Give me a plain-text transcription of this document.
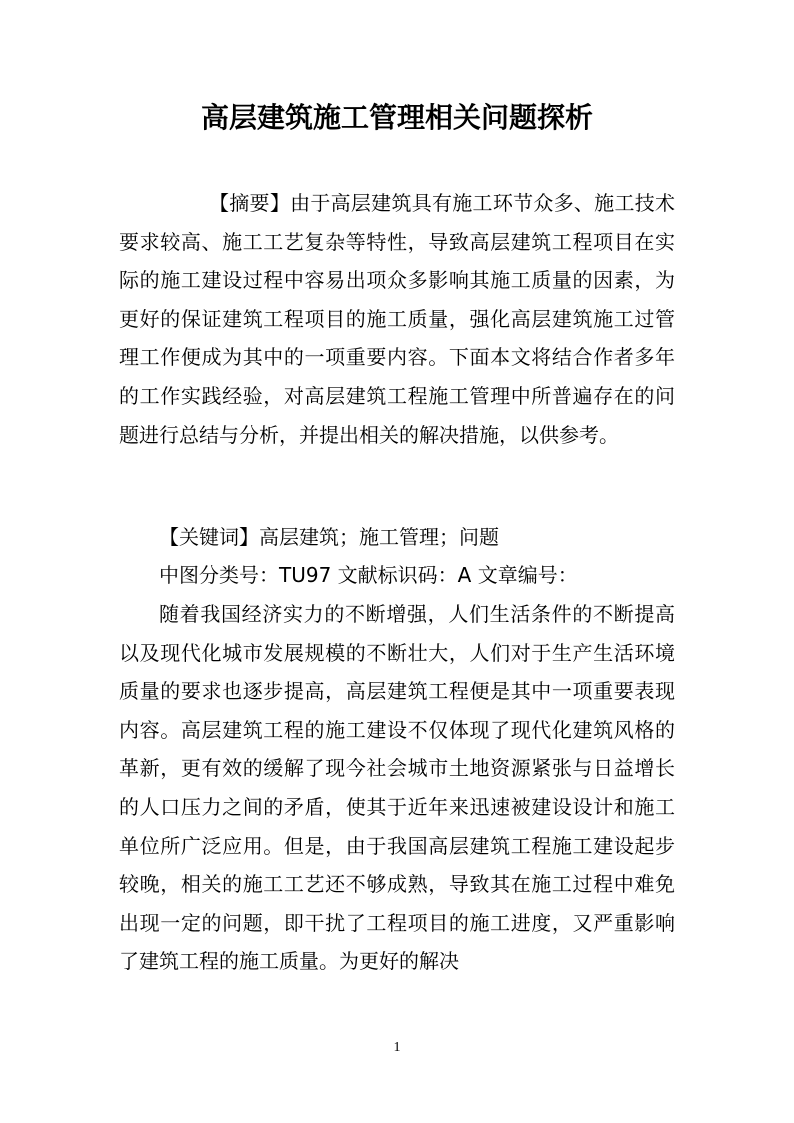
高层建筑施工管理相关问题探析

【摘要】由于高层建筑具有施工环节众多、施工技术要求较高、施工工艺复杂等特性，导致高层建筑工程项目在实际的施工建设过程中容易出项众多影响其施工质量的因素，为更好的保证建筑工程项目的施工质量，强化高层建筑施工过管理工作便成为其中的一项重要内容。下面本文将结合作者多年的工作实践经验，对高层建筑工程施工管理中所普遍存在的问题进行总结与分析，并提出相关的解决措施，以供参考。

【关键词】高层建筑；施工管理；问题
中图分类号：TU97 文献标识码：A 文章编号：

随着我国经济实力的不断增强，人们生活条件的不断提高以及现代化城市发展规模的不断壮大，人们对于生产生活环境质量的要求也逐步提高，高层建筑工程便是其中一项重要表现内容。高层建筑工程的施工建设不仅体现了现代化建筑风格的革新，更有效的缓解了现今社会城市土地资源紧张与日益增长的人口压力之间的矛盾，使其于近年来迅速被建设设计和施工单位所广泛应用。但是，由于我国高层建筑工程施工建设起步较晚，相关的施工工艺还不够成熟，导致其在施工过程中难免出现一定的问题，即干扰了工程项目的施工进度，又严重影响了建筑工程的施工质量。为更好的解决

1
